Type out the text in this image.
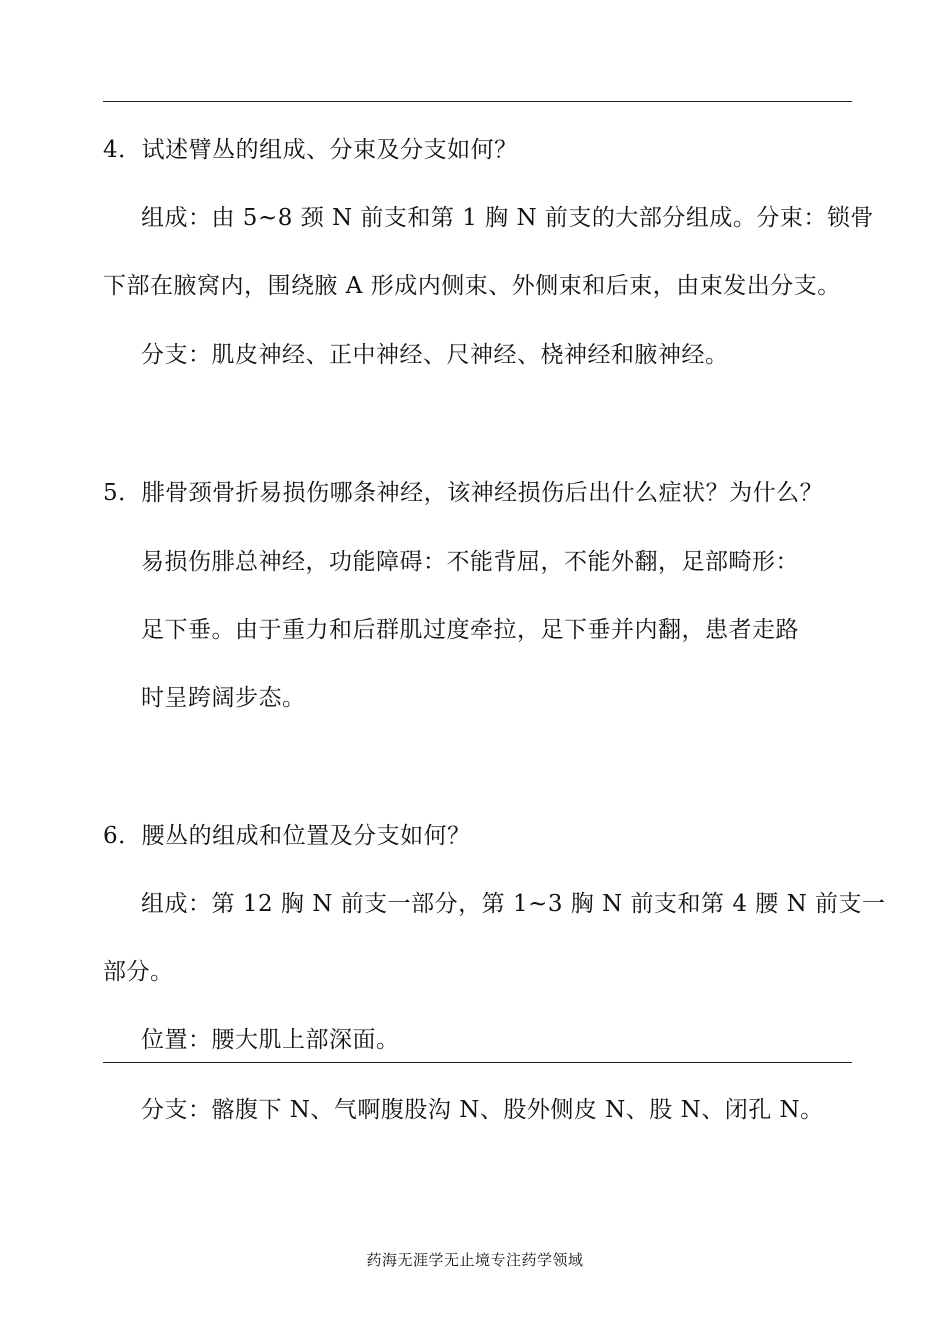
4．试述臂丛的组成、分束及分支如何？
组成：由 5~8 颈 N 前支和第 1 胸 N 前支的大部分组成。分束：锁骨
下部在腋窝内，围绕腋 A 形成内侧束、外侧束和后束，由束发出分支。
分支：肌皮神经、正中神经、尺神经、桡神经和腋神经。
5．腓骨颈骨折易损伤哪条神经，该神经损伤后出什么症状？为什么？
易损伤腓总神经，功能障碍：不能背屈，不能外翻，足部畸形：
足下垂。由于重力和后群肌过度牵拉，足下垂并内翻，患者走路
时呈跨阔步态。
6．腰丛的组成和位置及分支如何？
组成：第 12 胸 N 前支一部分，第 1~3 胸 N 前支和第 4 腰 N 前支一
部分。
位置：腰大肌上部深面。
分支：髂腹下 N、气啊腹股沟 N、股外侧皮 N、股 N、闭孔 N。
药海无涯学无止境专注药学领域
